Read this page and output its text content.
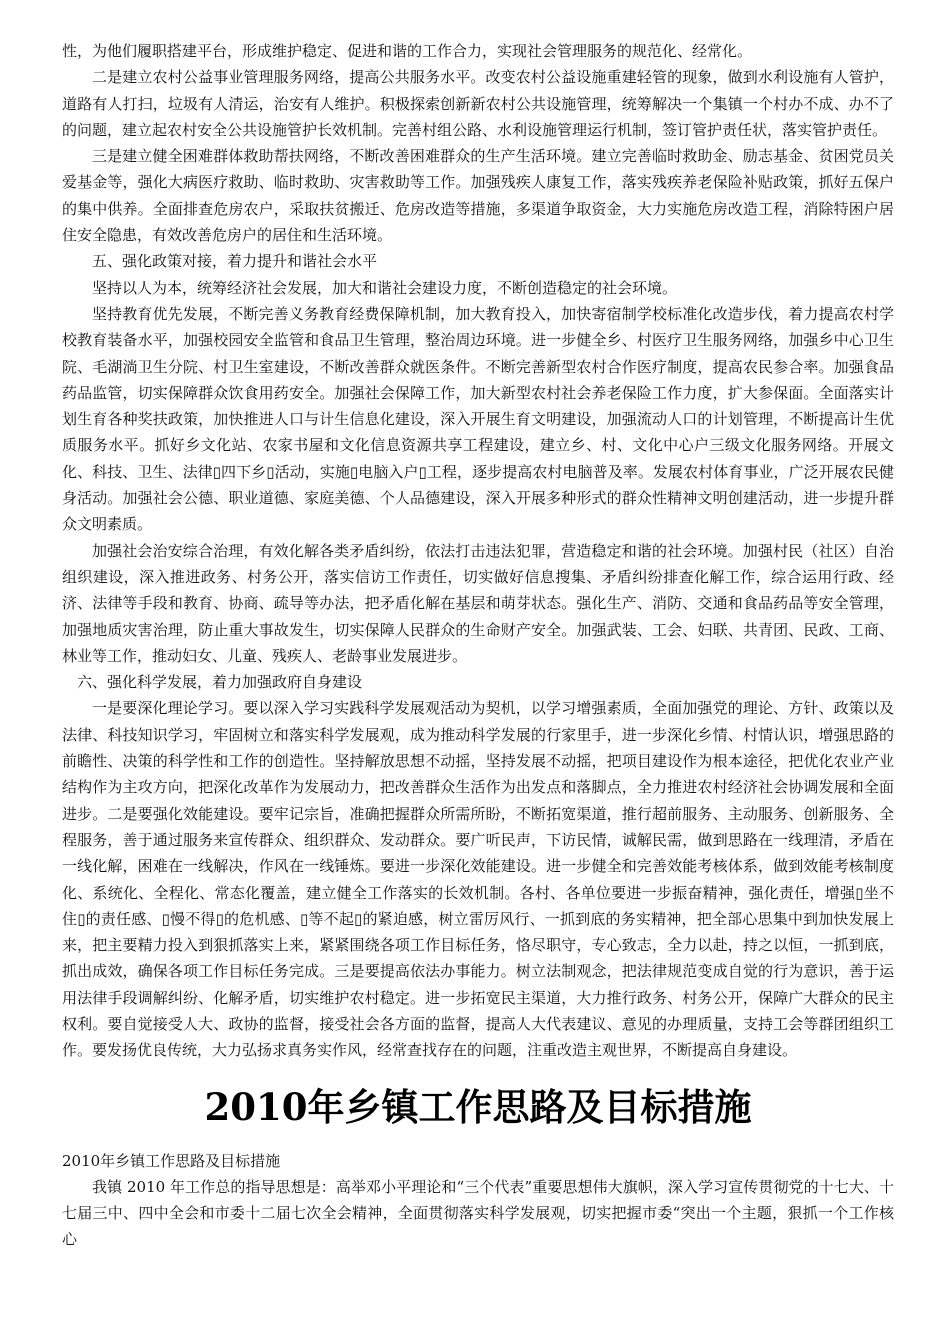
性，为他们履职搭建平台，形成维护稳定、促进和谐的工作合力，实现社会管理服务的规范化、经常化。

二是建立农村公益事业管理服务网络，提高公共服务水平。改变农村公益设施重建轻管的现象，做到水利设施有人管护，道路有人打扫，垃圾有人清运，治安有人维护。积极探索创新新农村公共设施管理，统筹解决一个集镇一个村办不成、办不了的问题，建立起农村安全公共设施管护长效机制。完善村组公路、水利设施管理运行机制，签订管护责任状，落实管护责任。

三是建立健全困难群体救助帮扶网络，不断改善困难群众的生产生活环境。建立完善临时救助金、励志基金、贫困党员关爱基金等，强化大病医疗救助、临时救助、灾害救助等工作。加强残疾人康复工作，落实残疾养老保险补贴政策，抓好五保户的集中供养。全面排查危房农户，采取扶贫搬迁、危房改造等措施，多渠道争取资金，大力实施危房改造工程，消除特困户居住安全隐患，有效改善危房户的居住和生活环境。

五、强化政策对接，着力提升和谐社会水平

坚持以人为本，统筹经济社会发展，加大和谐社会建设力度，不断创造稳定的社会环境。

坚持教育优先发展，不断完善义务教育经费保障机制，加大教育投入，加快寄宿制学校标准化改造步伐，着力提高农村学校教育装备水平，加强校园安全监管和食品卫生管理，整治周边环境。进一步健全乡、村医疗卫生服务网络，加强乡中心卫生院、毛湖淌卫生分院、村卫生室建设，不断改善群众就医条件。不断完善新型农村合作医疗制度，提高农民参合率。加强食品药品监管，切实保障群众饮食用药安全。加强社会保障工作，加大新型农村社会养老保险工作力度，扩大参保面。全面落实计划生育各种奖扶政策，加快推进人口与计生信息化建设，深入开展生育文明建设，加强流动人口的计划管理，不断提高计生优质服务水平。抓好乡文化站、农家书屋和文化信息资源共享工程建设，建立乡、村、文化中心户三级文化服务网络。开展文化、科技、卫生、法律▯四下乡▯活动，实施▯电脑入户▯工程，逐步提高农村电脑普及率。发展农村体育事业，广泛开展农民健身活动。加强社会公德、职业道德、家庭美德、个人品德建设，深入开展多种形式的群众性精神文明创建活动，进一步提升群众文明素质。

加强社会治安综合治理，有效化解各类矛盾纠纷，依法打击违法犯罪，营造稳定和谐的社会环境。加强村民（社区）自治组织建设，深入推进政务、村务公开，落实信访工作责任，切实做好信息搜集、矛盾纠纷排查化解工作，综合运用行政、经济、法律等手段和教育、协商、疏导等办法，把矛盾化解在基层和萌芽状态。强化生产、消防、交通和食品药品等安全管理，加强地质灾害治理，防止重大事故发生，切实保障人民群众的生命财产安全。加强武装、工会、妇联、共青团、民政、工商、林业等工作，推动妇女、儿童、残疾人、老龄事业发展进步。

六、强化科学发展，着力加强政府自身建设

一是要深化理论学习。要以深入学习实践科学发展观活动为契机，以学习增强素质，全面加强党的理论、方针、政策以及法律、科技知识学习，牢固树立和落实科学发展观，成为推动科学发展的行家里手，进一步深化乡情、村情认识，增强思路的前瞻性、决策的科学性和工作的创造性。坚持解放思想不动摇，坚持发展不动摇，把项目建设作为根本途径，把优化农业产业结构作为主攻方向，把深化改革作为发展动力，把改善群众生活作为出发点和落脚点，全力推进农村经济社会协调发展和全面进步。二是要强化效能建设。要牢记宗旨，准确把握群众所需所盼，不断拓宽渠道，推行超前服务、主动服务、创新服务、全程服务，善于通过服务来宣传群众、组织群众、发动群众。要广听民声，下访民情，诚解民需，做到思路在一线理清，矛盾在一线化解，困难在一线解决，作风在一线锤炼。要进一步深化效能建设。进一步健全和完善效能考核体系，做到效能考核制度化、系统化、全程化、常态化覆盖，建立健全工作落实的长效机制。各村、各单位要进一步振奋精神，强化责任，增强▯坐不住▯的责任感、▯慢不得▯的危机感、▯等不起▯的紧迫感，树立雷厉风行、一抓到底的务实精神，把全部心思集中到加快发展上来，把主要精力投入到狠抓落实上来，紧紧围绕各项工作目标任务，恪尽职守，专心致志，全力以赴，持之以恒，一抓到底，抓出成效，确保各项工作目标任务完成。三是要提高依法办事能力。树立法制观念，把法律规范变成自觉的行为意识，善于运用法律手段调解纠纷、化解矛盾，切实维护农村稳定。进一步拓宽民主渠道，大力推行政务、村务公开，保障广大群众的民主权利。要自觉接受人大、政协的监督，接受社会各方面的监督，提高人大代表建议、意见的办理质量，支持工会等群团组织工作。要发扬优良传统，大力弘扬求真务实作风，经常查找存在的问题，注重改造主观世界，不断提高自身建设。

2010年乡镇工作思路及目标措施

2010年乡镇工作思路及目标措施

我镇 2010 年工作总的指导思想是：高举邓小平理论和“三个代表”重要思想伟大旗帜，深入学习宣传贯彻党的十七大、十七届三中、四中全会和市委十二届七次全会精神，全面贯彻落实科学发展观，切实把握市委“突出一个主题，狠抓一个工作核心
